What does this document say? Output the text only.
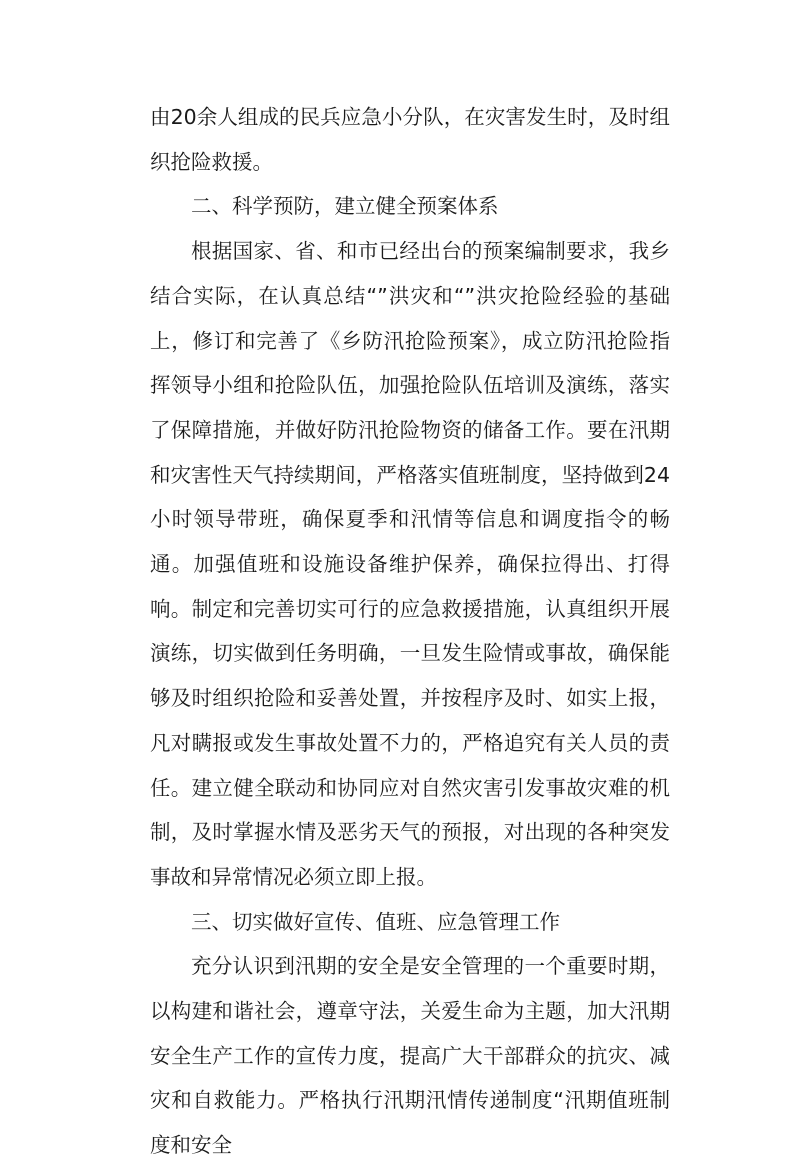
由20余人组成的民兵应急小分队，在灾害发生时，及时组织抢险救援。

二、科学预防，建立健全预案体系

根据国家、省、和市已经出台的预案编制要求，我乡结合实际，在认真总结“”洪灾和“”洪灾抢险经验的基础上，修订和完善了《乡防汛抢险预案》，成立防汛抢险指挥领导小组和抢险队伍，加强抢险队伍培训及演练，落实了保障措施，并做好防汛抢险物资的储备工作。要在汛期和灾害性天气持续期间，严格落实值班制度，坚持做到24小时领导带班，确保夏季和汛情等信息和调度指令的畅通。加强值班和设施设备维护保养，确保拉得出、打得响。制定和完善切实可行的应急救援措施，认真组织开展演练，切实做到任务明确，一旦发生险情或事故，确保能够及时组织抢险和妥善处置，并按程序及时、如实上报，凡对瞒报或发生事故处置不力的，严格追究有关人员的责任。建立健全联动和协同应对自然灾害引发事故灾难的机制，及时掌握水情及恶劣天气的预报，对出现的各种突发事故和异常情况必须立即上报。

三、切实做好宣传、值班、应急管理工作

充分认识到汛期的安全是安全管理的一个重要时期，以构建和谐社会，遵章守法，关爱生命为主题，加大汛期安全生产工作的宣传力度，提高广大干部群众的抗灾、减灾和自救能力。严格执行汛期汛情传递制度“汛期值班制度和安全
